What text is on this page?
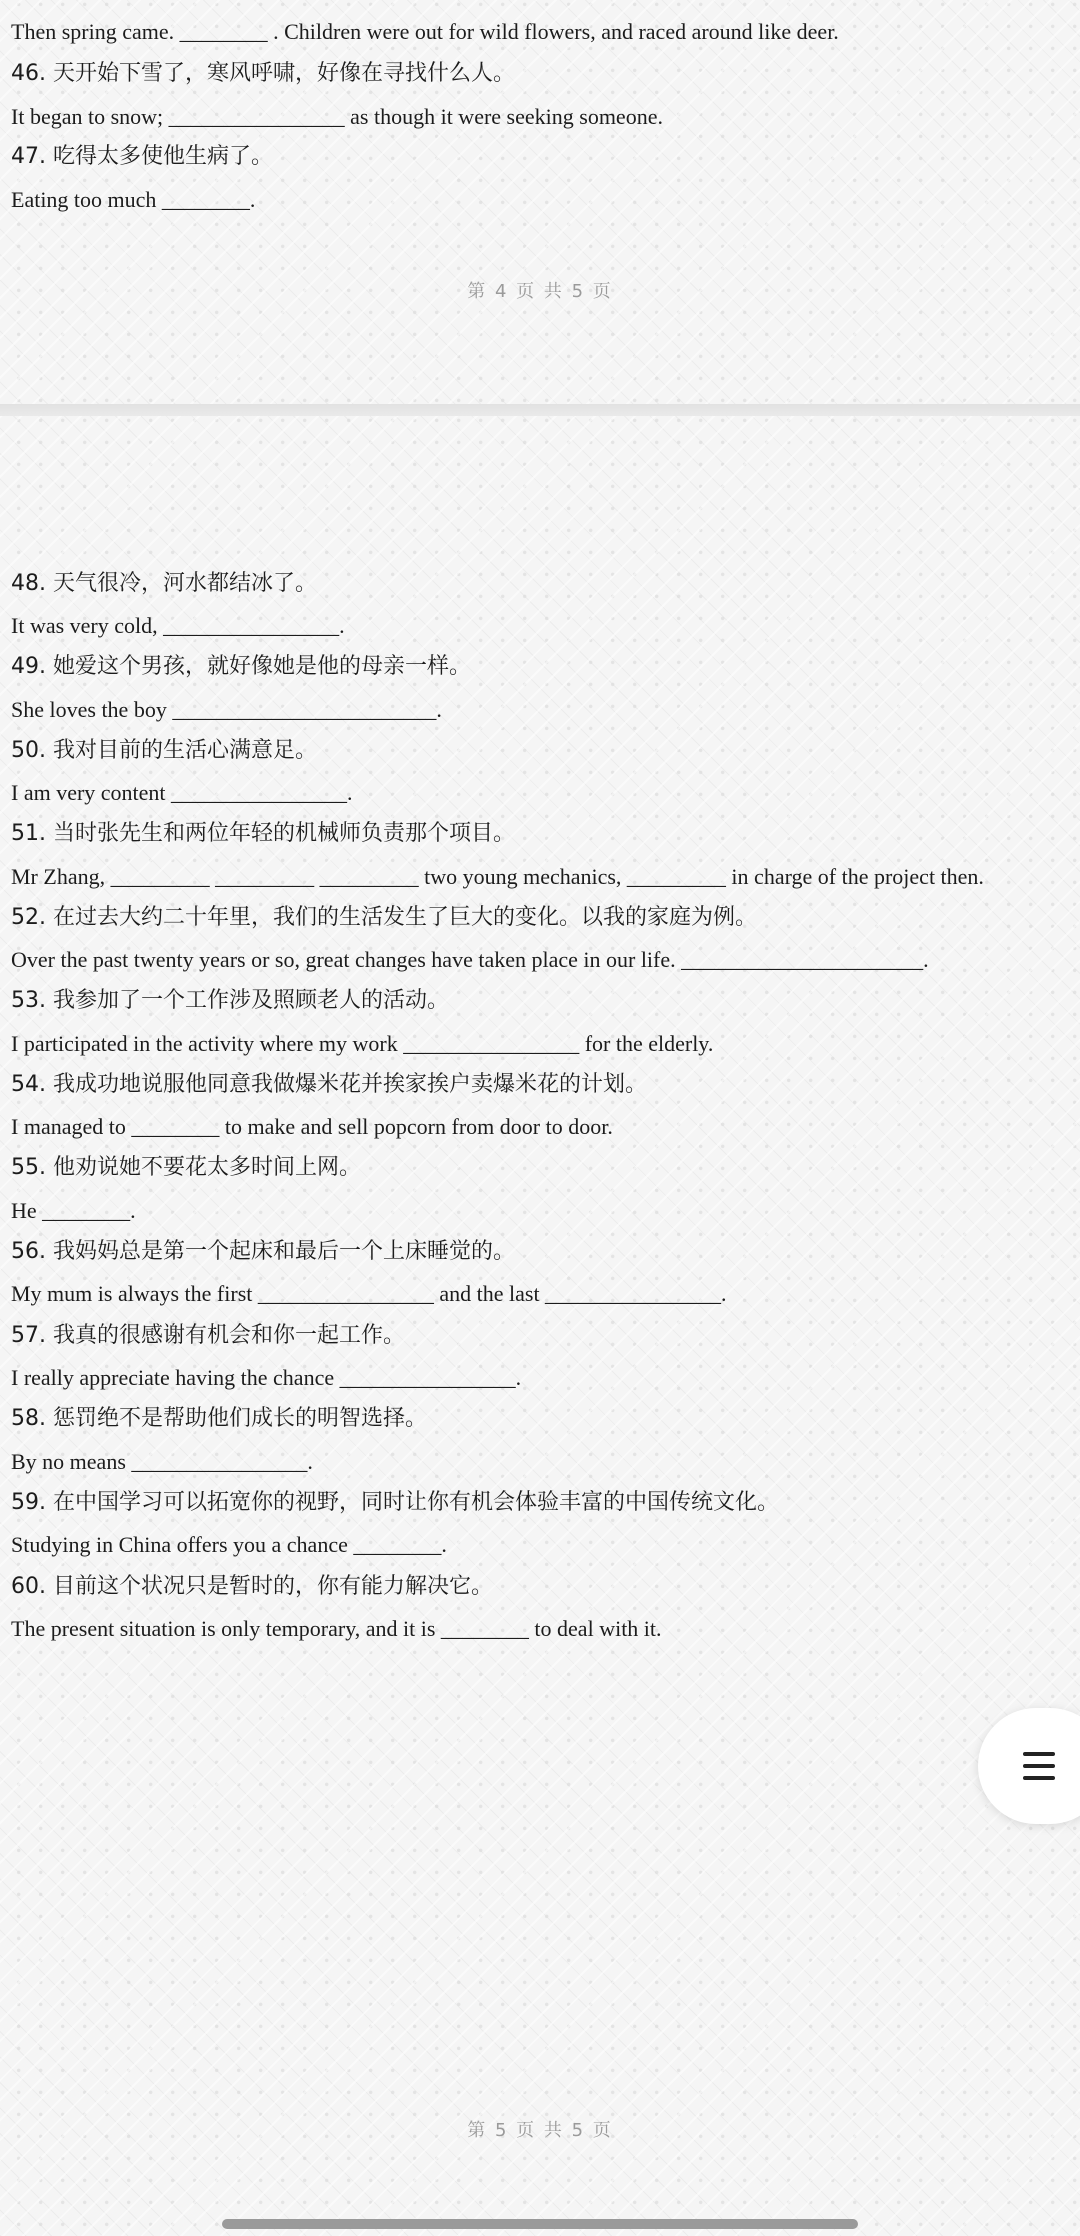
Then spring came. ________ . Children were out for wild flowers, and raced around like deer.
46. 天开始下雪了，寒风呼啸，好像在寻找什么人。
It began to snow; ________________ as though it were seeking someone.
47. 吃得太多使他生病了。
Eating too much ________.
第 4 页 共 5 页
48. 天气很冷，河水都结冰了。
It was very cold, ________________.
49. 她爱这个男孩，就好像她是他的母亲一样。
She loves the boy ________________________.
50. 我对目前的生活心满意足。
I am very content ________________.
51. 当时张先生和两位年轻的机械师负责那个项目。
Mr Zhang, _________ _________ _________ two young mechanics, _________ in charge of the project then.
52. 在过去大约二十年里，我们的生活发生了巨大的变化。以我的家庭为例。
Over the past twenty years or so, great changes have taken place in our life. ______________________.
53. 我参加了一个工作涉及照顾老人的活动。
I participated in the activity where my work ________________ for the elderly.
54. 我成功地说服他同意我做爆米花并挨家挨户卖爆米花的计划。
I managed to ________ to make and sell popcorn from door to door.
55. 他劝说她不要花太多时间上网。
He ________.
56. 我妈妈总是第一个起床和最后一个上床睡觉的。
My mum is always the first ________________ and the last ________________.
57. 我真的很感谢有机会和你一起工作。
I really appreciate having the chance ________________.
58. 惩罚绝不是帮助他们成长的明智选择。
By no means ________________.
59. 在中国学习可以拓宽你的视野，同时让你有机会体验丰富的中国传统文化。
Studying in China offers you a chance ________.
60. 目前这个状况只是暂时的，你有能力解决它。
The present situation is only temporary, and it is ________ to deal with it.
第 5 页 共 5 页
